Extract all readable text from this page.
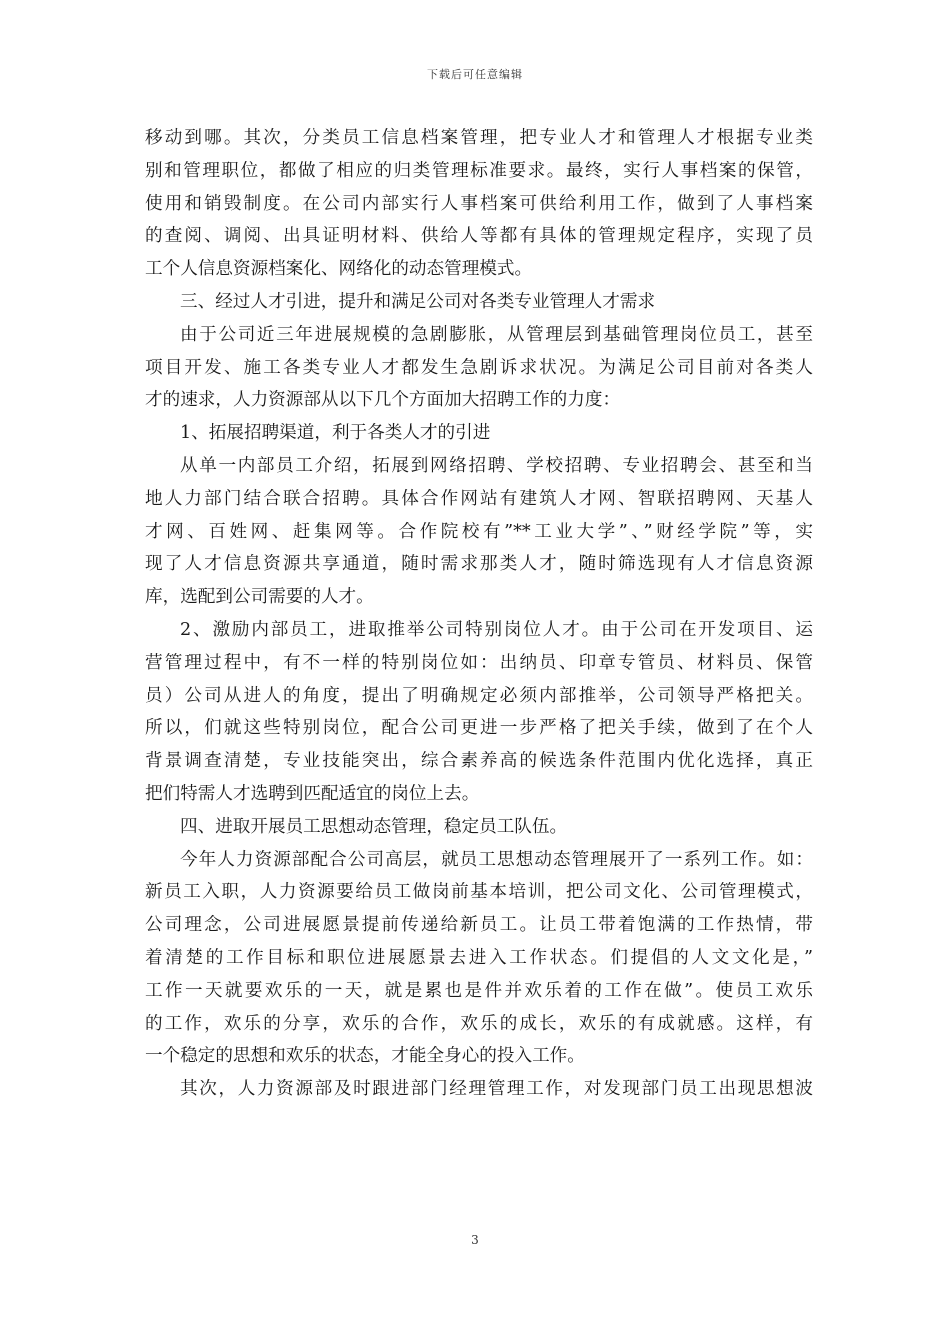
下载后可任意编辑
移动到哪。其次，分类员工信息档案管理，把专业人才和管理人才根据专业类
别和管理职位，都做了相应的归类管理标准要求。最终，实行人事档案的保管，
使用和销毁制度。在公司内部实行人事档案可供给利用工作，做到了人事档案
的查阅、调阅、出具证明材料、供给人等都有具体的管理规定程序，实现了员
工个人信息资源档案化、网络化的动态管理模式。
三、经过人才引进，提升和满足公司对各类专业管理人才需求
由于公司近三年进展规模的急剧膨胀，从管理层到基础管理岗位员工，甚至
项目开发、施工各类专业人才都发生急剧诉求状况。为满足公司目前对各类人
才的速求，人力资源部从以下几个方面加大招聘工作的力度：
1、拓展招聘渠道，利于各类人才的引进
从单一内部员工介绍，拓展到网络招聘、学校招聘、专业招聘会、甚至和当
地人力部门结合联合招聘。具体合作网站有建筑人才网、智联招聘网、天基人
才网、百姓网、赶集网等。合作院校有”**工业大学”、”财经学院”等，实
现了人才信息资源共享通道，随时需求那类人才，随时筛选现有人才信息资源
库，选配到公司需要的人才。
2、激励内部员工，进取推举公司特别岗位人才。由于公司在开发项目、运
营管理过程中，有不一样的特别岗位如：出纳员、印章专管员、材料员、保管
员）公司从进人的角度，提出了明确规定必须内部推举，公司领导严格把关。
所以，们就这些特别岗位，配合公司更进一步严格了把关手续，做到了在个人
背景调查清楚，专业技能突出，综合素养高的候选条件范围内优化选择，真正
把们特需人才选聘到匹配适宜的岗位上去。
四、进取开展员工思想动态管理，稳定员工队伍。
今年人力资源部配合公司高层，就员工思想动态管理展开了一系列工作。如：
新员工入职，人力资源要给员工做岗前基本培训，把公司文化、公司管理模式，
公司理念，公司进展愿景提前传递给新员工。让员工带着饱满的工作热情，带
着清楚的工作目标和职位进展愿景去进入工作状态。们提倡的人文文化是，”
工作一天就要欢乐的一天，就是累也是件并欢乐着的工作在做”。使员工欢乐
的工作，欢乐的分享，欢乐的合作，欢乐的成长，欢乐的有成就感。这样，有
一个稳定的思想和欢乐的状态，才能全身心的投入工作。
其次，人力资源部及时跟进部门经理管理工作，对发现部门员工出现思想波
3
